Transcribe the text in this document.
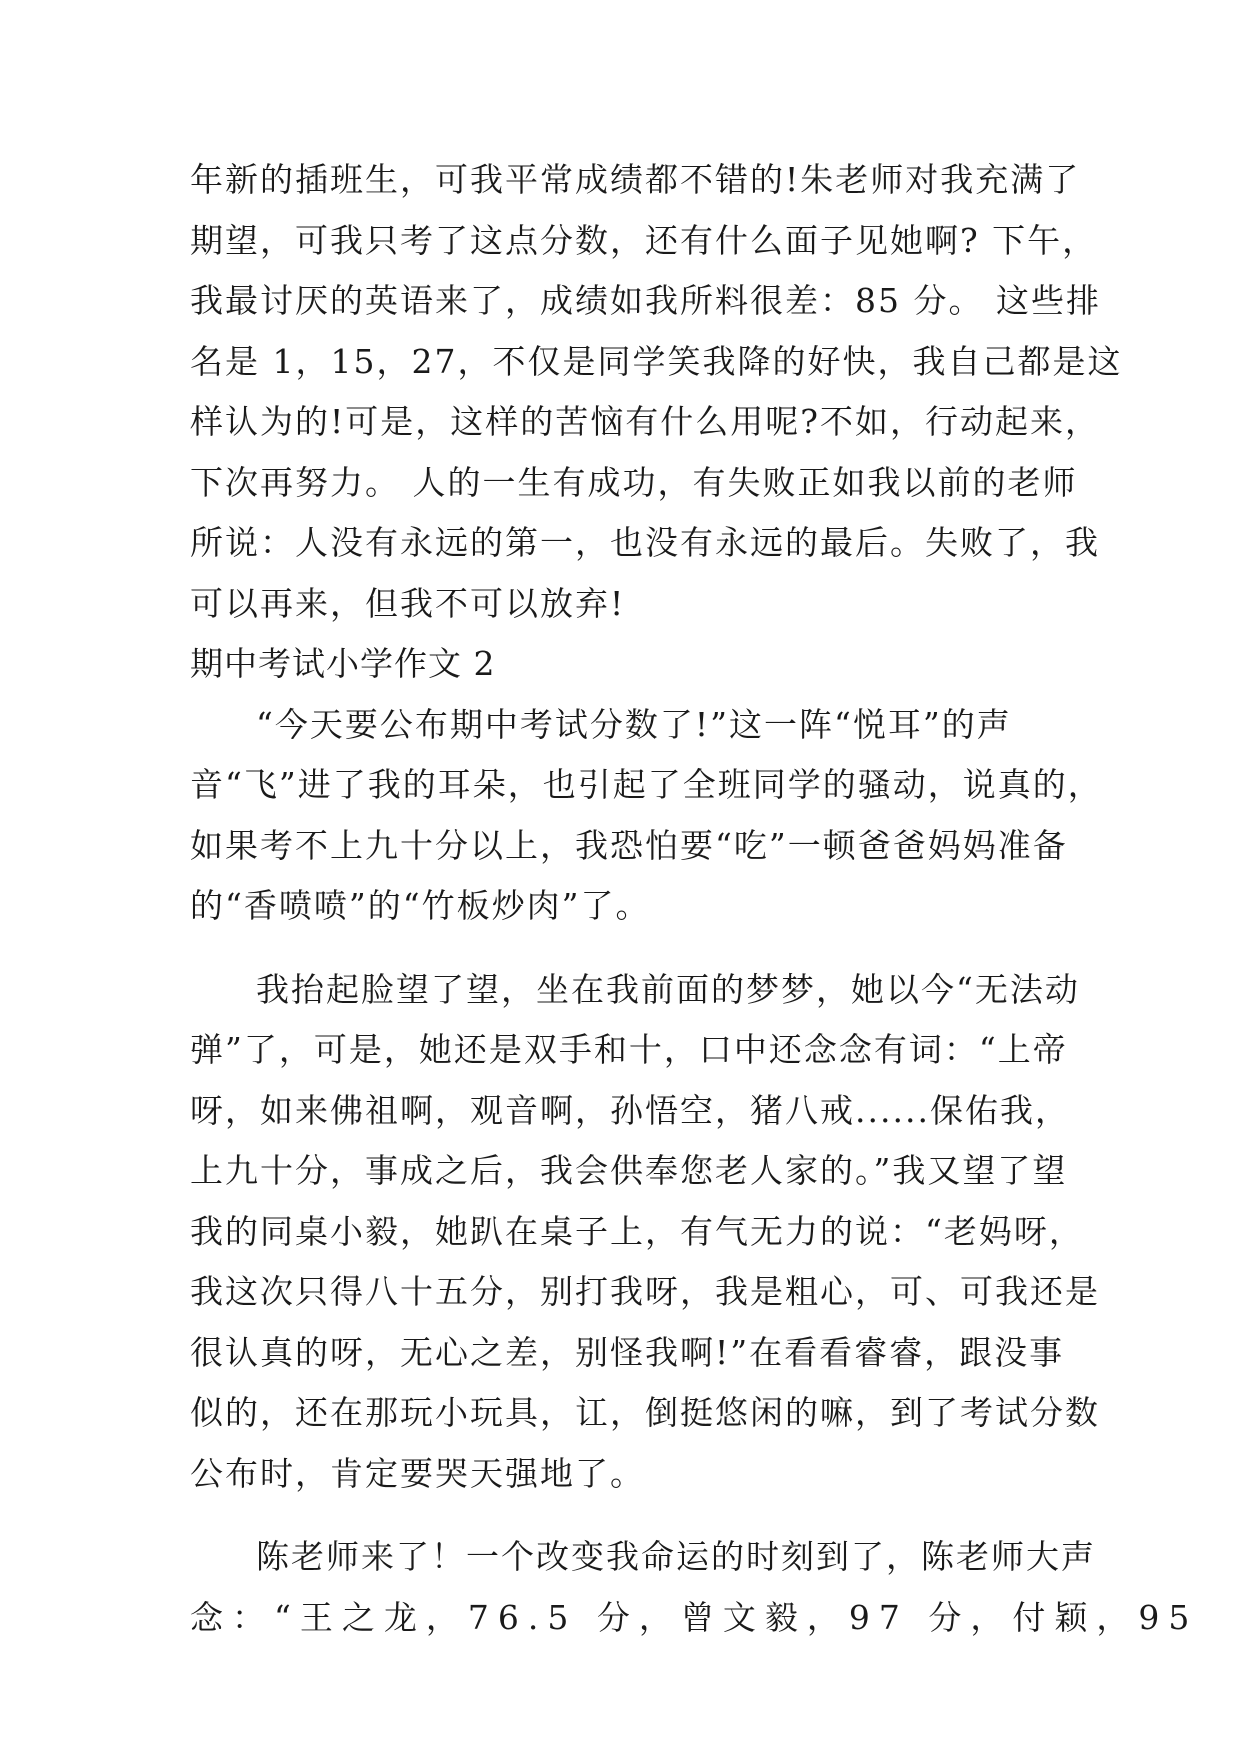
年新的插班生，可我平常成绩都不错的!朱老师对我充满了
期望，可我只考了这点分数，还有什么面子见她啊? 下午，
我最讨厌的英语来了，成绩如我所料很差：85 分。 这些排
名是 1，15，27，不仅是同学笑我降的好快，我自己都是这
样认为的!可是，这样的苦恼有什么用呢?不如，行动起来，
下次再努力。 人的一生有成功，有失败正如我以前的老师
所说：人没有永远的第一，也没有永远的最后。失败了，我
可以再来，但我不可以放弃!
期中考试小学作文 2
“今天要公布期中考试分数了!”这一阵“悦耳”的声
音“飞”进了我的耳朵，也引起了全班同学的骚动，说真的，
如果考不上九十分以上，我恐怕要“吃”一顿爸爸妈妈准备
的“香喷喷”的“竹板炒肉”了。
我抬起脸望了望，坐在我前面的梦梦，她以今“无法动
弹”了，可是，她还是双手和十，口中还念念有词：“上帝
呀，如来佛祖啊，观音啊，孙悟空，猪八戒......保佑我，
上九十分，事成之后，我会供奉您老人家的。”我又望了望
我的同桌小毅，她趴在桌子上，有气无力的说：“老妈呀，
我这次只得八十五分，别打我呀，我是粗心，可、可我还是
很认真的呀，无心之差，别怪我啊!”在看看睿睿，跟没事
似的，还在那玩小玩具，讧，倒挺悠闲的嘛，到了考试分数
公布时，肯定要哭天强地了。
陈老师来了！一个改变我命运的时刻到了，陈老师大声
念：“王之龙，76.5 分，曾文毅，97 分，付颖，95
